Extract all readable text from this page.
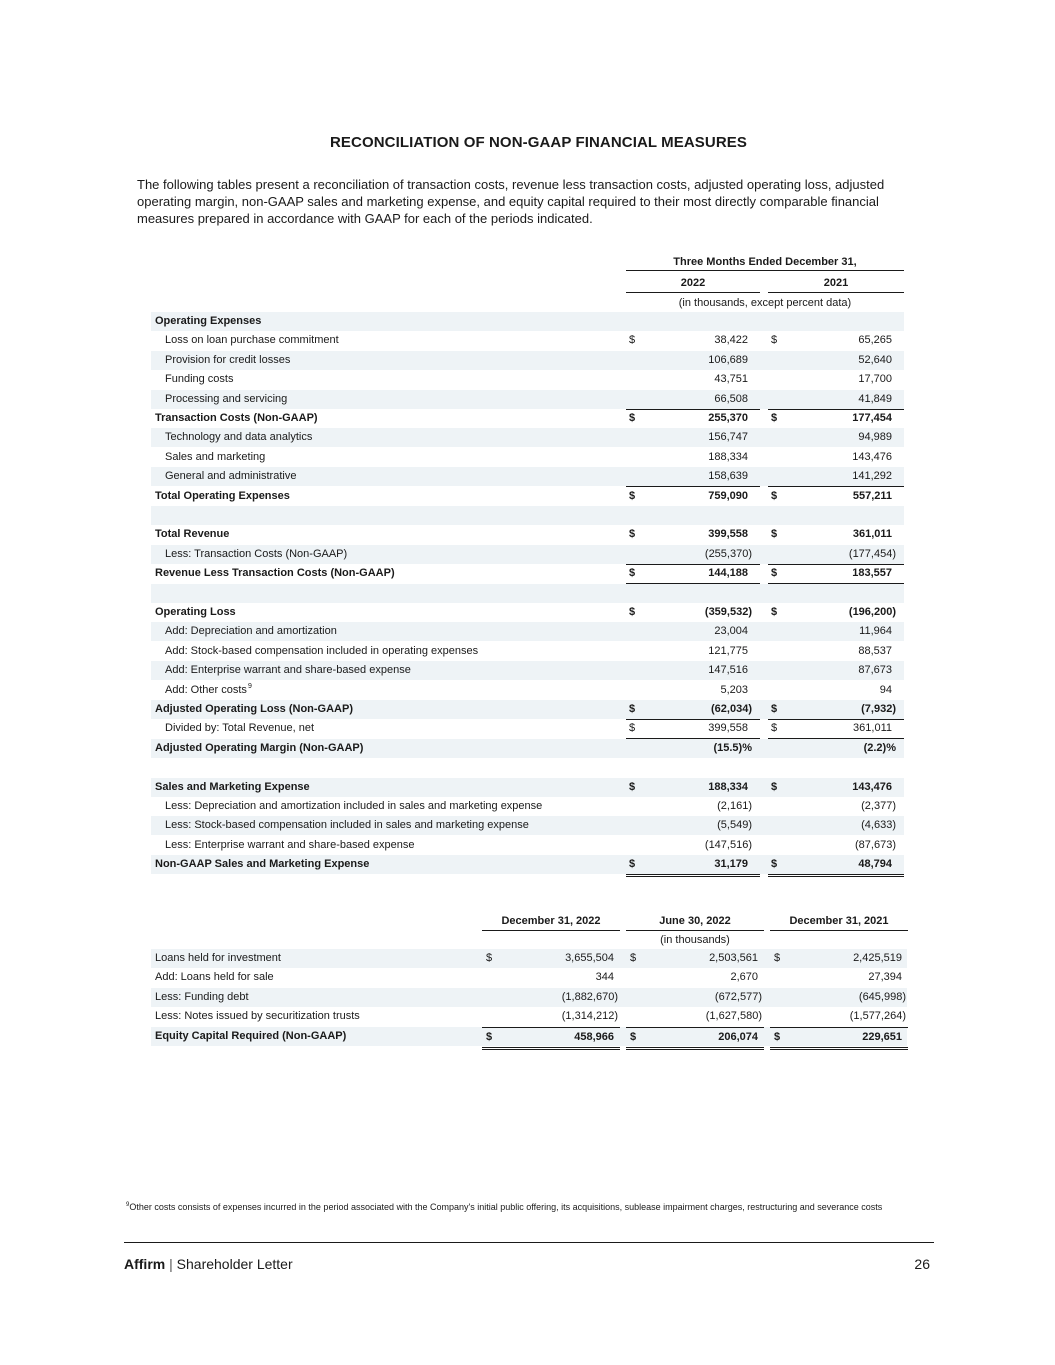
RECONCILIATION OF NON-GAAP FINANCIAL MEASURES
The following tables present a reconciliation of transaction costs, revenue less transaction costs, adjusted operating loss, adjusted operating margin, non-GAAP sales and marketing expense, and equity capital required to their most directly comparable financial measures prepared in accordance with GAAP for each of the periods indicated.
Three Months Ended December 31,
2022	2021
(in thousands, except percent data)
Operating Expenses
Loss on loan purchase commitment	$	38,422 $	65,265
Provision for credit losses	106,689	52,640
Funding costs	43,751	17,700
Processing and servicing	66,508	41,849
Transaction Costs (Non-GAAP)	$	255,370 $	177,454
Technology and data analytics	156,747	94,989
Sales and marketing	188,334	143,476
General and administrative	158,639	141,292
Total Operating Expenses	$	759,090 $	557,211
Total Revenue	$	399,558 $	361,011
Less: Transaction Costs (Non-GAAP)	(255,370)	(177,454)
Revenue Less Transaction Costs (Non-GAAP)	$	144,188 $	183,557
Operating Loss	$	(359,532) $	(196,200)
Add: Depreciation and amortization	23,004	11,964
Add: Stock-based compensation included in operating expenses	121,775	88,537
Add: Enterprise warrant and share-based expense	147,516	87,673
Add: Other costs 9	5,203	94
Adjusted Operating Loss (Non-GAAP)	$	(62,034) $	(7,932)
Divided by: Total Revenue, net	$	399,558 $	361,011
Adjusted Operating Margin (Non-GAAP)	(15.5)%	(2.2)%
Sales and Marketing Expense	$	188,334 $	143,476
Less: Depreciation and amortization included in sales and marketing expense	(2,161)	(2,377)
Less: Stock-based compensation included in sales and marketing expense	(5,549)	(4,633)
Less: Enterprise warrant and share-based expense	(147,516)	(87,673)
Non-GAAP Sales and Marketing Expense	$	31,179 $	48,794
December 31, 2022	June 30, 2022	December 31, 2021
(in thousands)
Loans held for investment	$	3,655,504 $	2,503,561 $	2,425,519
Add: Loans held for sale	344	2,670	27,394
Less: Funding debt	(1,882,670)	(672,577)	(645,998)
Less: Notes issued by securitization trusts	(1,314,212)	(1,627,580)	(1,577,264)
Equity Capital Required (Non-GAAP)	$	458,966 $	206,074 $	229,651
$^9$Other costs consists of expenses incurred in the period associated with the Company's initial public offering, its acquisitions, sublease impairment charges, restructuring and severance costs
Affirm | Shareholder Letter	26
